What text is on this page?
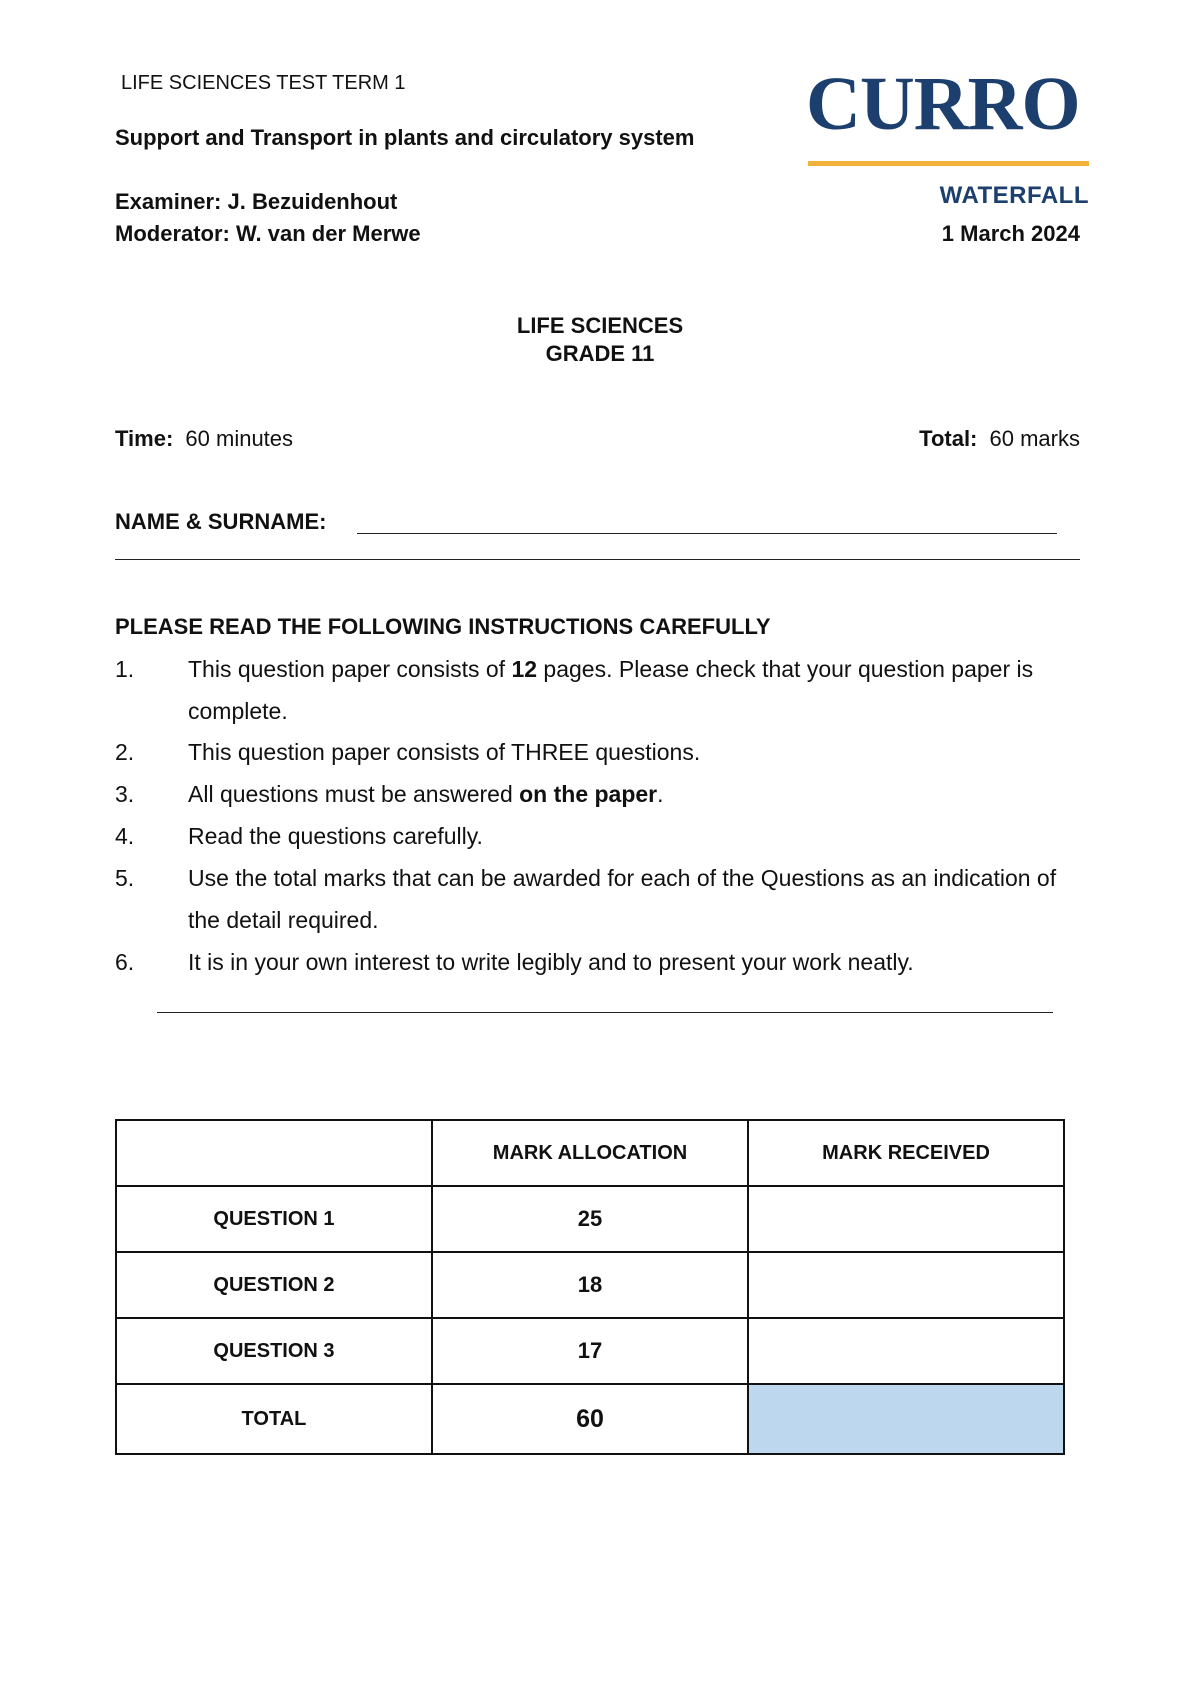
LIFE SCIENCES TEST TERM 1
Support and Transport in plants and circulatory system
Examiner: J. Bezuidenhout
Moderator: W. van der Merwe	1 March 2024
CURRO
WATERFALL
LIFE SCIENCES
GRADE 11
Time: 60 minutes	Total: 60 marks
NAME & SURNAME:
PLEASE READ THE FOLLOWING INSTRUCTIONS CAREFULLY
1. This question paper consists of 12 pages. Please check that your question paper is complete.
2. This question paper consists of THREE questions.
3. All questions must be answered on the paper.
4. Read the questions carefully.
5. Use the total marks that can be awarded for each of the Questions as an indication of the detail required.
6. It is in your own interest to write legibly and to present your work neatly.
	MARK ALLOCATION	MARK RECEIVED
QUESTION 1	25	
QUESTION 2	18	
QUESTION 3	17	
TOTAL	60	
